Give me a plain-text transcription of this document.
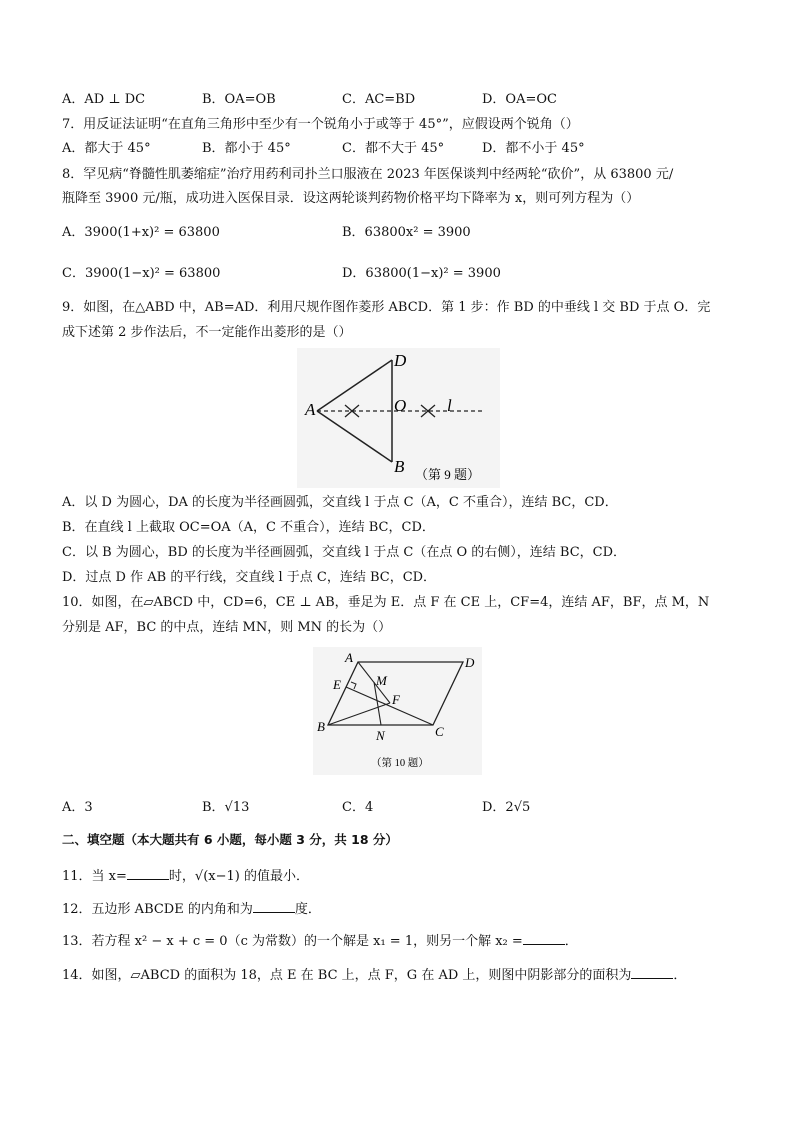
A．AD ⊥ DC	B．OA=OB	C．AC=BD	D．OA=OC
7．用反证法证明“在直角三角形中至少有一个锐角小于或等于 45°”，应假设两个锐角（）
A．都大于 45°	B．都小于 45°	C．都不大于 45°	D．都不小于 45°
8．罕见病“脊髓性肌萎缩症”治疗用药利司扑兰口服液在 2023 年医保谈判中经两轮“砍价”，从 63800 元/
瓶降至 3900 元/瓶，成功进入医保目录．设这两轮谈判药物价格平均下降率为 x，则可列方程为（）
A．3900(1+x)² = 63800	B．63800x² = 3900
C．3900(1−x)² = 63800	D．63800(1−x)² = 3900
9．如图，在△ABD 中，AB=AD．利用尺规作图作菱形 ABCD．第 1 步：作 BD 的中垂线 l 交 BD 于点 O．完
成下述第 2 步作法后，不一定能作出菱形的是（）
A
D
O l
B （第 9 题）
A．以 D 为圆心，DA 的长度为半径画圆弧，交直线 l 于点 C（A，C 不重合），连结 BC，CD．
B．在直线 l 上截取 OC=OA（A，C 不重合），连结 BC，CD．
C．以 B 为圆心，BD 的长度为半径画圆弧，交直线 l 于点 C（在点 O 的右侧），连结 BC，CD．
D．过点 D 作 AB 的平行线，交直线 l 于点 C，连结 BC，CD．
10．如图，在▱ABCD 中，CD=6，CE ⊥ AB，垂足为 E．点 F 在 CE 上，CF=4，连结 AF，BF，点 M，N
分别是 AF，BC 的中点，连结 MN，则 MN 的长为（）
A	D
E	M
F
B	C
N
（第 10 题）
A．3	B．√13	C．4	D．2√5
二、填空题（本大题共有 6 小题，每小题 3 分，共 18 分）
11．当 x=	时，√(x−1) 的值最小．
12．五边形 ABCDE 的内角和为	度．
13．若方程 x² − x + c = 0（c 为常数）的一个解是 x₁ = 1，则另一个解 x₂ =	．
14．如图，▱ABCD 的面积为 18，点 E 在 BC 上，点 F，G 在 AD 上，则图中阴影部分的面积为	．
